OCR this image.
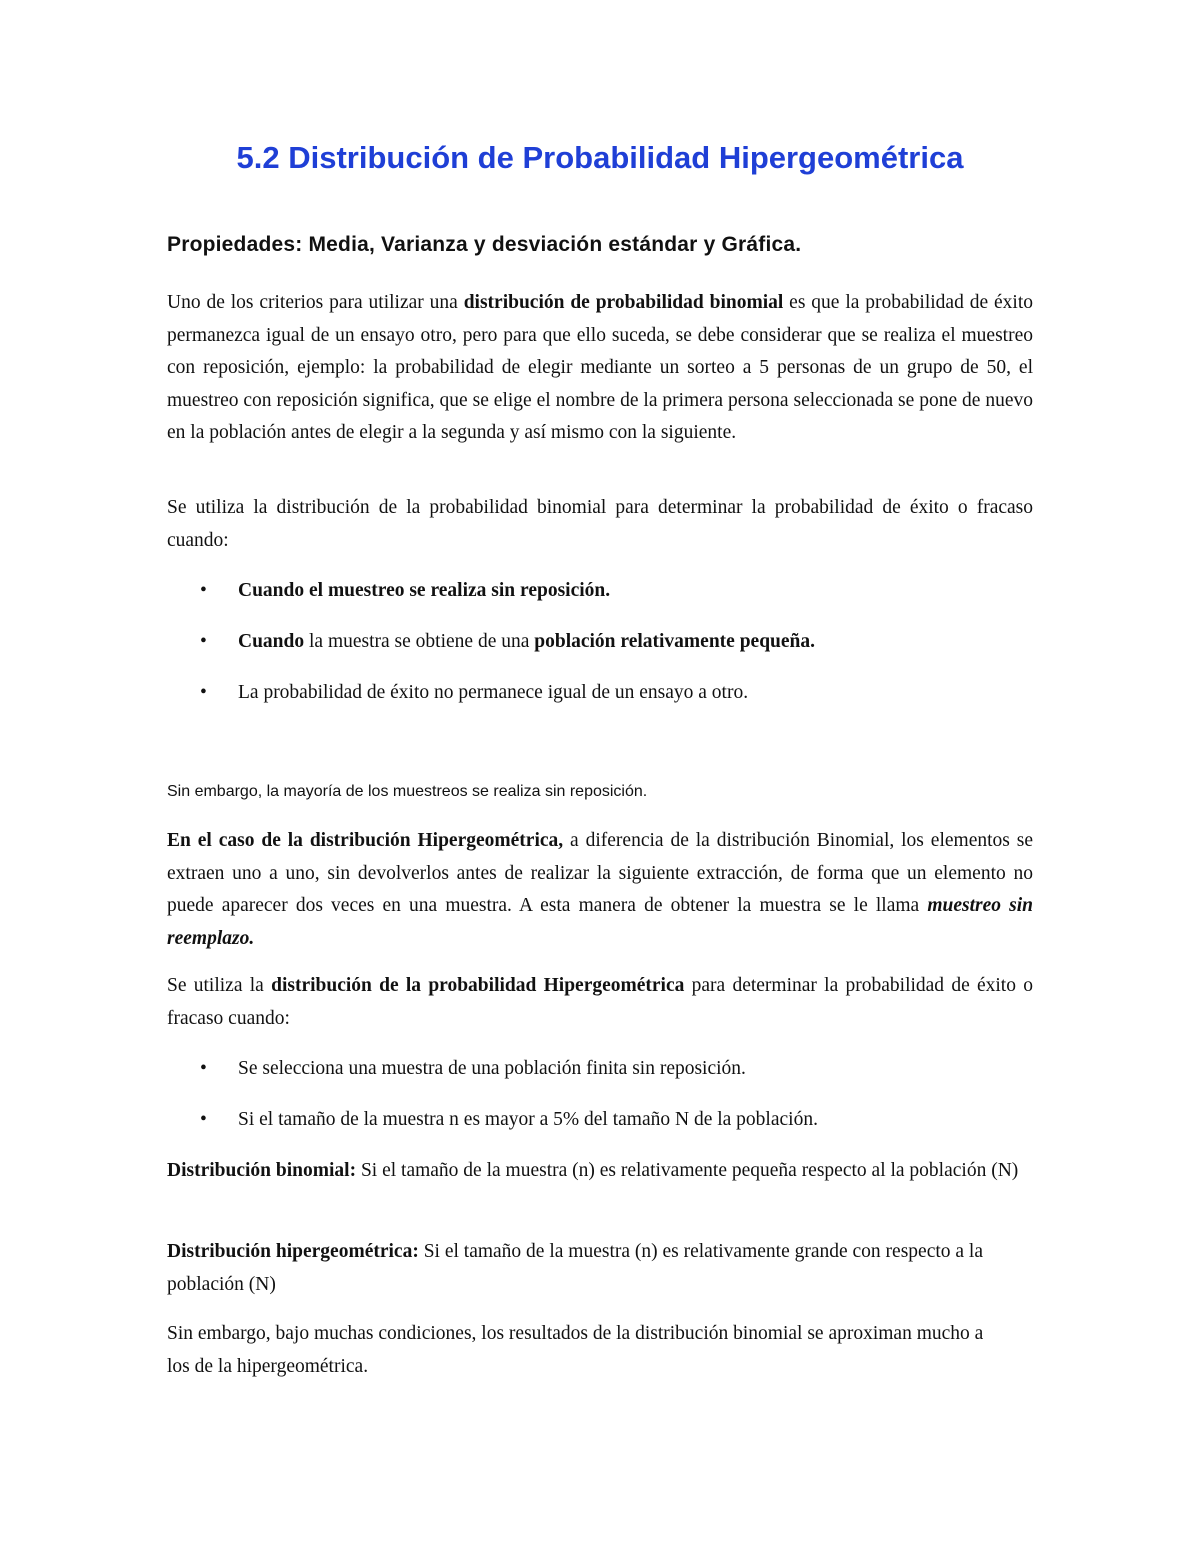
5.2 Distribución de Probabilidad Hipergeométrica
Propiedades: Media, Varianza y desviación estándar y Gráfica.

Uno de los criterios para utilizar una distribución de probabilidad binomial es que la probabilidad de éxito permanezca igual de un ensayo otro, pero para que ello suceda, se debe considerar que se realiza el muestreo con reposición, ejemplo: la probabilidad de elegir mediante un sorteo a 5 personas de un grupo de 50, el muestreo con reposición significa, que se elige el nombre de la primera persona seleccionada se pone de nuevo en la población antes de elegir a la segunda y así mismo con la siguiente.

Se utiliza la distribución de la probabilidad binomial para determinar la probabilidad de éxito o fracaso cuando:

• Cuando el muestreo se realiza sin reposición.

• Cuando la muestra se obtiene de una población relativamente pequeña.

• La probabilidad de éxito no permanece igual de un ensayo a otro.

Sin embargo, la mayoría de los muestreos se realiza sin reposición.

En el caso de la distribución Hipergeométrica, a diferencia de la distribución Binomial, los elementos se extraen uno a uno, sin devolverlos antes de realizar la siguiente extracción, de forma que un elemento no puede aparecer dos veces en una muestra. A esta manera de obtener la muestra se le llama muestreo sin reemplazo.

Se utiliza la distribución de la probabilidad Hipergeométrica para determinar la probabilidad de éxito o fracaso cuando:

• Se selecciona una muestra de una población finita sin reposición.

• Si el tamaño de la muestra n es mayor a 5% del tamaño N de la población.

Distribución binomial: Si el tamaño de la muestra (n) es relativamente pequeña respecto al la población (N)

Distribución hipergeométrica: Si el tamaño de la muestra (n) es relativamente grande con respecto a la población (N)

Sin embargo, bajo muchas condiciones, los resultados de la distribución binomial se aproximan mucho a los de la hipergeométrica.
